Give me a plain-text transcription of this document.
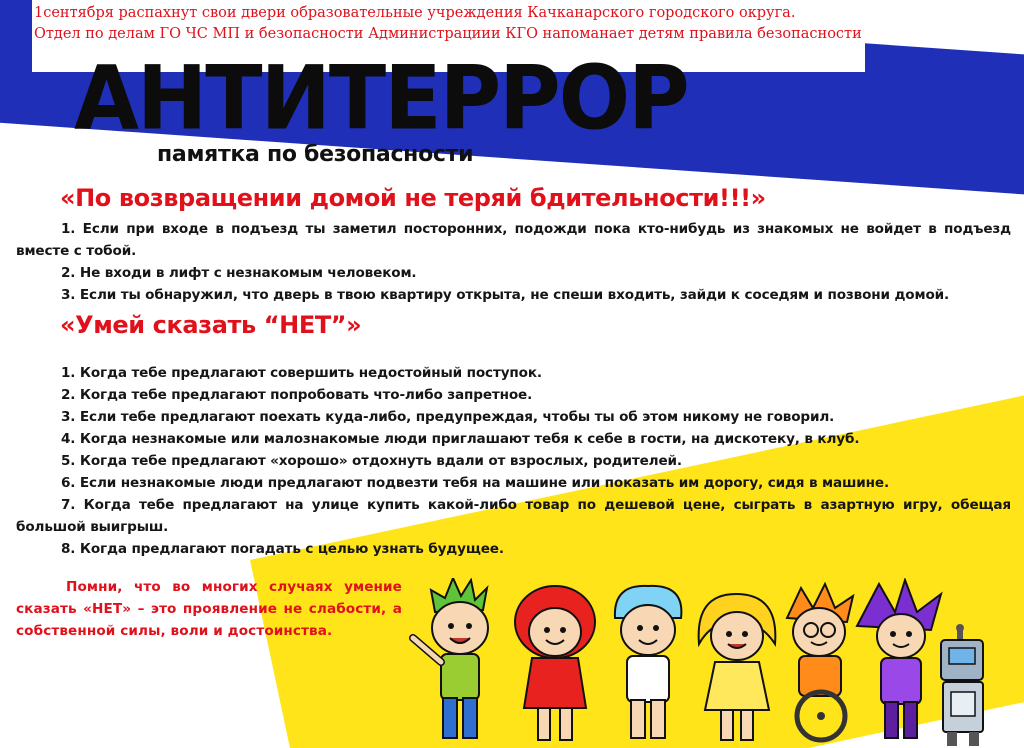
1сентября распахнут свои двери образовательные учреждения Качканарского городского округа.
Отдел по делам ГО ЧС МП и безопасности Администрациии КГО напоманает детям правила безопасности
АНТИТЕРРОР
памятка по безопасности
«По возвращении домой не теряй бдительности!!!»

1. Если при входе в подъезд ты заметил посторонних, подожди пока кто-нибудь из знакомых не войдет в подъезд вместе с тобой.

2. Не входи в лифт с незнакомым человеком.

3. Если ты обнаружил, что дверь в твою квартиру открыта, не спеши входить, зайди к соседям и позвони домой.

«Умей сказать “НЕТ”»

1. Когда тебе предлагают совершить недостойный поступок.

2. Когда тебе предлагают попробовать что-либо запретное.

3. Если тебе предлагают поехать куда-либо, предупреждая, чтобы ты об этом никому не говорил.

4. Когда незнакомые или малознакомые люди приглашают тебя к себе в гости, на дискотеку, в клуб.

5. Когда тебе предлагают «хорошо» отдохнуть вдали от взрослых, родителей.

6. Если незнакомые люди предлагают подвезти тебя на машине или показать им дорогу, сидя в машине.

7. Когда тебе предлагают на улице купить какой-либо товар по дешевой цене, сыграть в азартную игру, обещая большой выигрыш.

8. Когда предлагают погадать с целью узнать будущее.

Помни, что во многих случаях умение сказать «НЕТ» – это проявление не слабости, а собственной силы, воли и достоинства.
